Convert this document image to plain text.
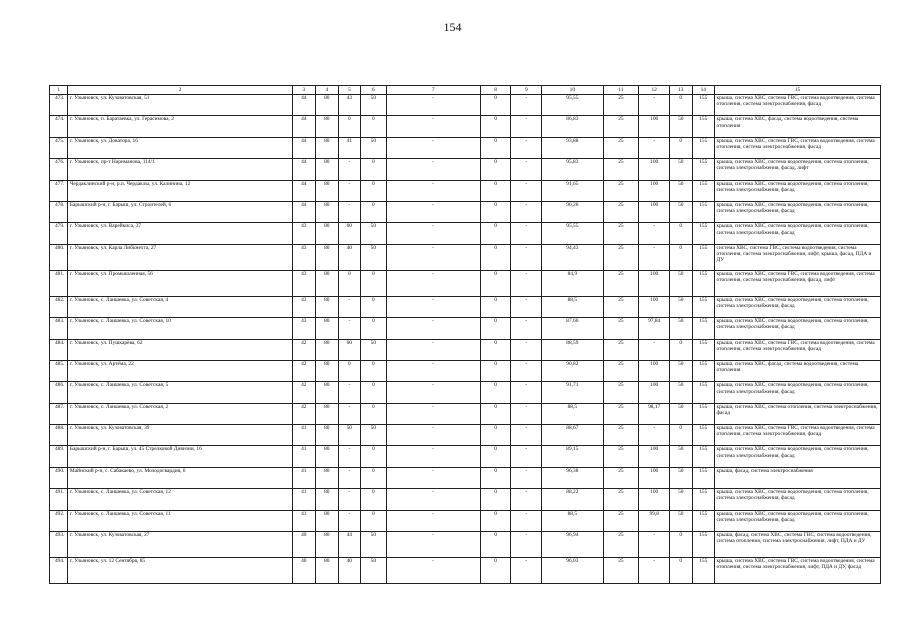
154
1	2	3	4	5	6	7	8	9	10	11	12	13	14	15
473.	г. Ульяновск, ул. Кузоватовская, 51	44	80	43	50	-	0	-	95,55	25	-	0	155	крыша, система ХВС, система ГВС, система водоотведения, система отопления, система электроснабжения, фасад
474.	г. Ульяновск, п. Баратаевка, ул. Герасимова, 2	44	80	0	0	-	0	-	86,83	25	100	50	155	крыша, система ХВС, фасад, система водоотведения, система отопления
475.	г. Ульяновск, ул. Доватора, 16	44	80	41	50	-	0	-	93,88	25	-	0	155	крыша, система ХВС, система ГВС, система водоотведения, система отопления, система электроснабжения, фасад
476.	г. Ульяновск, пр-т Нариманова, 114/1	44	80	-	0	-	0	-	95,83	25	100	50	155	крыша, система ХВС, система водоотведения, система отопления, система электроснабжения, фасад, лифт
477.	Чердаклинский р-н, р.п. Чердаклы, ул. Калинина, 12	44	80	-	0	-	0	-	91,65	25	100	50	155	крыша, система ХВС, система водоотведения, система отопления, система электроснабжения, фасад
478.	Барышский р-н, г. Барыш, ул. Строителей, 6	44	80	-	0	-	0	-	90,26	25	100	50	155	крыша, система ХВС, система водоотведения, система отопления, система электроснабжения, фасад
479.	г. Ульяновск, ул. Варейкиса, 37	43	80	60	50	-	0	-	95,55	25	-	0	155	крыша, система ХВС, система водоотведения, система отопления, система электроснабжения, фасад
480.	г. Ульяновск, ул. Карла Либкнехта, 27	43	80	40	50	-	0	-	94,43	25	-	0	155	система ХВС, система ГВС, система водоотведения, система отопления, система электроснабжения, лифт, крыша, фасад, ПДА и ДУ
481.	г. Ульяновск, ул. Промышленная, 56	43	80	0	0	-	0	-	84,9	25	100	50	155	крыша, система ХВС, система ГВС, система водоотведения, система отопления, система электроснабжения, фасад, лифт
482.	г. Ульяновск, с. Лаишевка, ул. Советская, 4	43	80	-	0	-	0	-	88,5	25	100	50	155	крыша, система ХВС, система водоотведения, система отопления, система электроснабжения, фасад
483.	г. Ульяновск, с. Лаишевка, ул. Советская, 10	43	80	-	0	-	0	-	87,66	25	97,84	50	155	крыша, система ХВС, система водоотведения, система отопления, система электроснабжения, фасад
484.	г. Ульяновск, ул. Пушкарёва, 62	42	80	60	50	-	0	-	88,59	25	-	0	155	крыша, система ХВС, система ГВС, система водоотведения, система отопления, система электроснабжения, фасад
485.	г. Ульяновск, ул. Артёма, 22	42	80	0	0	-	0	-	90,82	25	100	50	155	крыша, система ХВС, фасад, система водоотведения, система отопления
486.	г. Ульяновск, с. Лаишевка, ул. Советская, 5	42	80	-	0	-	0	-	91,71	25	100	50	155	крыша, система ХВС, система водоотведения, система отопления, система электроснабжения, фасад
487.	г. Ульяновск, с. Лаишевка, ул. Советская, 2	42	80	-	0	-	0	-	88,5	25	98,17	50	155	крыша, система ХВС, система отопления, система электроснабжения, фасад
488.	г. Ульяновск, ул. Кузоватовская, 39	41	80	50	50	-	0	-	88,67	25	-	0	155	крыша, система ХВС, система ГВС, система водоотведения, система отопления, система электроснабжения, фасад
489.	Барышский р-н, г. Барыш, ул. 45 Стрелковой Дивизии, 16	41	80	-	0	-	0	-	89,15	25	100	50	155	крыша, система ХВС, система водоотведения, система отопления, система электроснабжения, фасад
490.	Майнский р-н, с. Сабакаево, ул. Молодогвардия, 6	41	80	-	0	-	0	-	96,38	25	100	50	155	крыша, фасад, система электроснабжения
491.	г. Ульяновск, с. Лаишевка, ул. Советская, 12	41	80	-	0	-	0	-	88,22	25	100	50	155	крыша, система ХВС, система водоотведения, система отопления, система электроснабжения, фасад
492.	г. Ульяновск, с. Лаишевка, ул. Советская, 11	41	80	-	0	-	0	-	88,5	25	99,8	50	155	крыша, система ХВС, система водоотведения, система отопления, система электроснабжения, фасад
493.	г. Ульяновск, ул. Кузоватовская, 27	40	80	44	50	-	0	-	96,94	25	-	0	155	крыша, фасад, система ХВС, система ГВС, система водоотведения, система отопления, система электроснабжения, лифт, ПДА и ДУ
494.	г. Ульяновск, ул. 12 Сентября, 85	40	80	40	50	-	0	-	96,03	25	-	0	155	крыша, система ХВС, система ГВС, система водоотведения, система отопления, система электроснабжения, лифт, ПДА и ДУ, фасад
